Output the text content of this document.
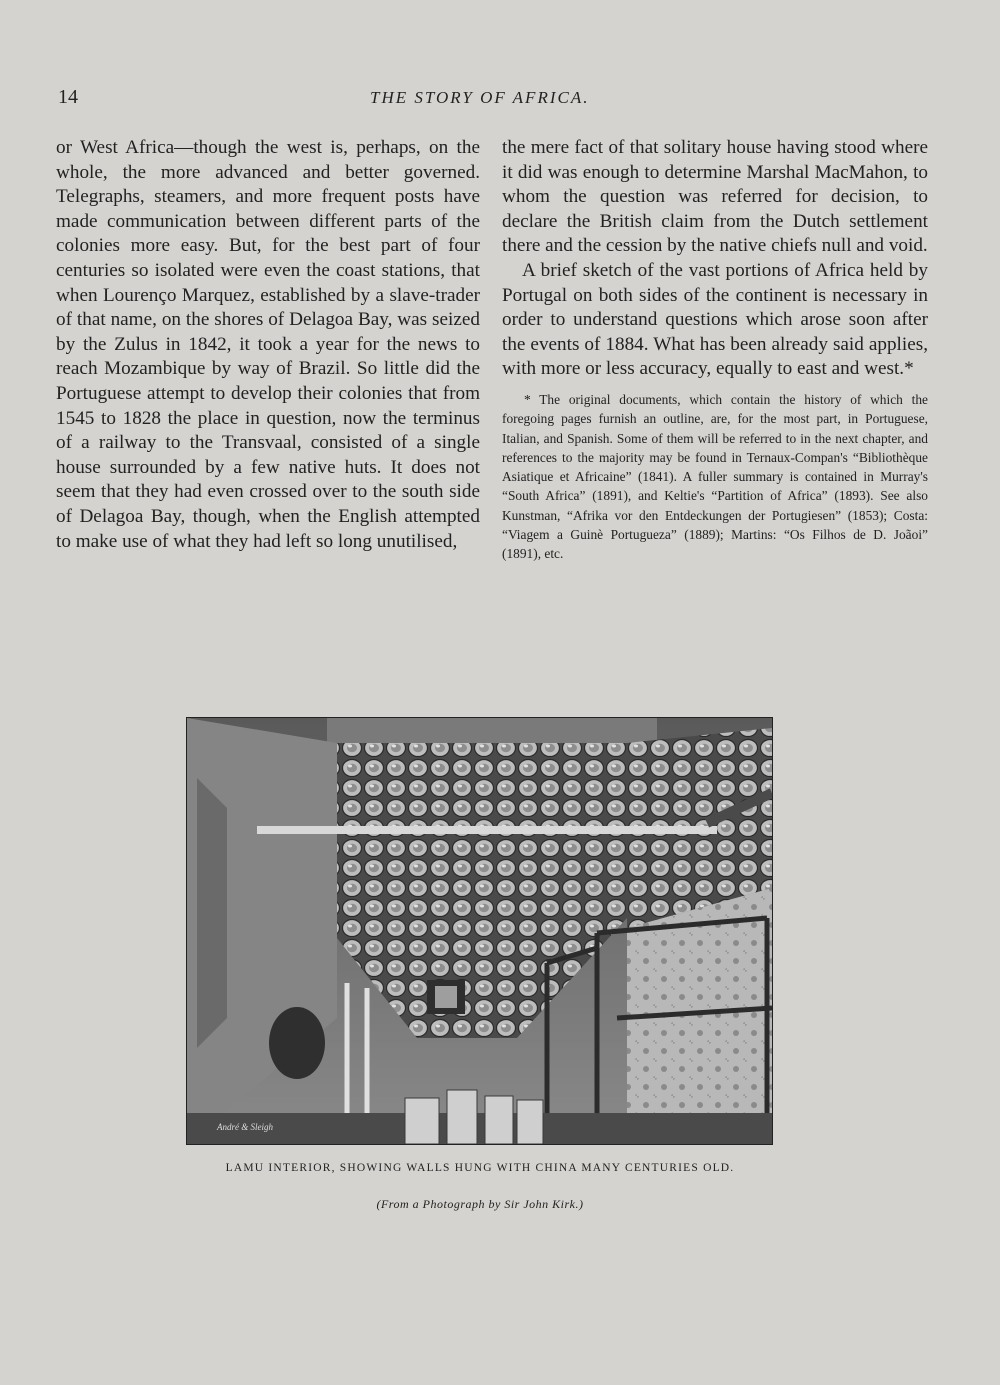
14	THE STORY OF AFRICA.

or West Africa—though the west is, perhaps, on the whole, the more advanced and better governed. Telegraphs, steamers, and more frequent posts have made communication between different parts of the colonies more easy. But, for the best part of four centuries so isolated were even the coast stations, that when Lourenço Marquez, established by a slave-trader of that name, on the shores of Delagoa Bay, was seized by the Zulus in 1842, it took a year for the news to reach Mozambique by way of Brazil. So little did the Portuguese attempt to develop their colonies that from 1545 to 1828 the place in question, now the terminus of a railway to the Transvaal, consisted of a single house surrounded by a few native huts. It does not seem that they had even crossed over to the south side of Delagoa Bay, though, when the English attempted to make use of what they had left so long unutilised,

the mere fact of that solitary house having stood where it did was enough to determine Marshal MacMahon, to whom the question was referred for decision, to declare the British claim from the Dutch settlement there and the cession by the native chiefs null and void.

A brief sketch of the vast portions of Africa held by Portugal on both sides of the continent is necessary in order to understand questions which arose soon after the events of 1884. What has been already said applies, with more or less accuracy, equally to east and west.*

* The original documents, which contain the history of which the foregoing pages furnish an outline, are, for the most part, in Portuguese, Italian, and Spanish. Some of them will be referred to in the next chapter, and references to the majority may be found in Ternaux-Compan's “Bibliothèque Asiatique et Africaine” (1841). A fuller summary is contained in Murray's “South Africa” (1891), and Keltie's “Partition of Africa” (1893). See also Kunstman, “Afrika vor den Entdeckungen der Portugiesen” (1853); Costa: “Viagem a Guinè Portugueza” (1889); Martins: “Os Filhos de D. Joãoi” (1891), etc.

André & Sleigh
LAMU INTERIOR, SHOWING WALLS HUNG WITH CHINA MANY CENTURIES OLD.
(From a Photograph by Sir John Kirk.)
